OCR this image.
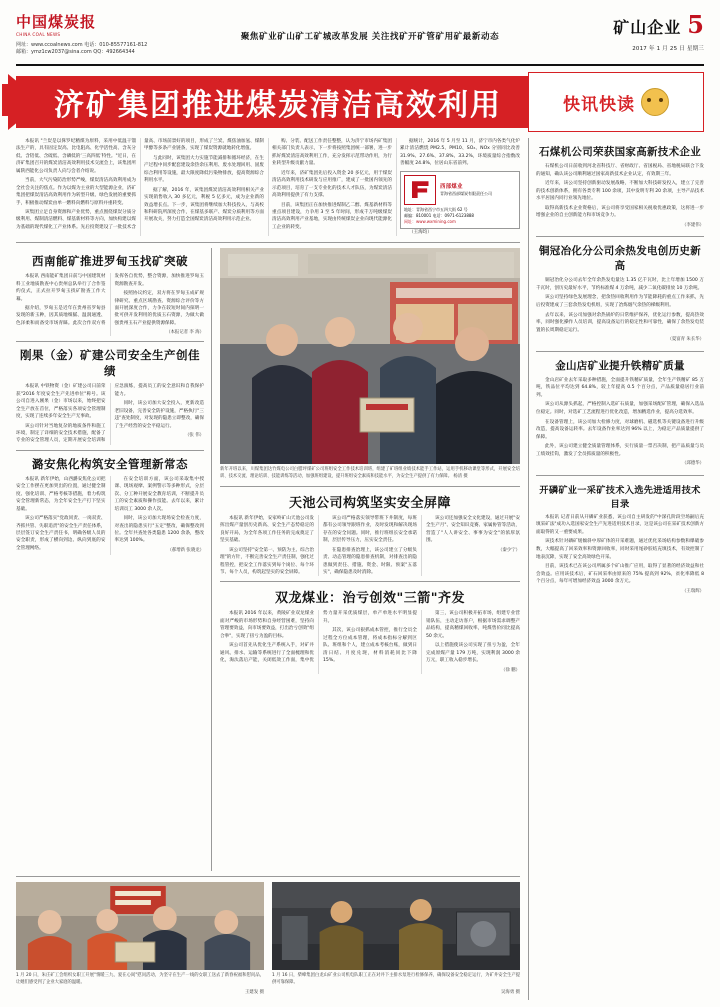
中国煤炭报
CHINA COAL NEWS
网址：www.ccoalnews.com 电话：010-85577161-812
邮箱：ymz1cw2037@sina.com QQ：492664344
聚焦矿业矿山矿工矿城改革发展 关注找矿开矿管矿用矿最新动态	矿山企业 5
2017 年 1 月 25 日 星期三
济矿集团推进煤炭清洁高效利用	快讯快读

本报讯 "兰炭是以侏罗纪精煤为原料，采用中低温干馏法生产的，具有固定炭高、比电阻高、化学活性高、含灰分低、含铝低、含硫低、含磷低的‘三高四低’特性。"近日，在济矿集团召开的煤炭清洁高效利用技术交流会上，该集团所属陕西能化公司负责人向与会者介绍说。

当前，大气污染防治形势严峻，煤炭清洁高效利用成为全社会关注的焦点。作为以煤为主业的大型能源企业，济矿集团把煤炭清洁高效利用作为转型升级、绿色发展的重要抓手，积极推动煤炭由单一燃料向燃料与原料并重转变。

该集团立足自身资源和产业优势，重点围绕煤炭分质分级利用、煤制清洁燃料、煤基新材料等方向，加快构建以煤为基础的现代煤化工产业体系。先后投资建设了一批技术含量高、市场前景好的项目，形成了兰炭、煤焦油加氢、煤制甲醇等多条产业链条，实现了煤炭资源就地转化增值。

与此同时，该集团大力实施节能减排和循环经济，在生产过程中同步配套建设余热余压利用、废水处理回用、固废综合利用等设施，最大限度降低污染物排放，提高资源综合利用水平。

据了解，2016 年，该集团煤炭清洁高效利用相关产业实现销售收入 30 多亿元，利税 5 亿多元，成为企业新的效益增长点。下一步，该集团将继续加大科技投入，与高校和科研院所深度合作，在煤基多联产、煤炭分质利用等方面开展攻关，努力打造全国煤炭清洁高效利用示范企业。

购、分装、配送工作责任整整，认为济宁市场内矿集团相关部门负责人表示，下一步将按照集团统一部署，进一步抓好煤炭清洁高效利用工作，充分发挥示范带动作用，为行业转型升级贡献力量。

近年来，济矿集团先后投入资金 20 多亿元，用于煤炭清洁高效利用技术研发与应用推广，建成了一批国内领先的示范项目，培育了一支专业化的技术人才队伍，为煤炭清洁高效利用提供了有力支撑。

目前，该集团正在加快推进煤制乙二醇、煤基新材料等重点项目建设，力争用 3 至 5 年时间，形成千万吨级煤炭清洁高效利用产业基地，实现由传统煤炭企业向现代能源化工企业的转变。

据统计，2016 年 5 月至 11 月，济宁市内各类气化炉累计清洁燃烧 PM2.5、PM10、SO₂、NOx 分别同比改善 31.9%、27.6%、37.8%、33.2%，环境质量综合指数改善幅度 24.8%，位居山东省前列。

西部煤业
青海省西部煤炭有限责任公司
地址：青海省西宁市五四大街 62 号
邮编：810001 电话：0971-6123888
网址：www.wxmining.com

（王海均）

西南能矿推进罗甸玉找矿突破

本报讯 西南能矿集团日前与中国建筑材料工业地质勘查中心贵州总队举行了合作签约仪式，正式拉开罗甸玉找矿勘查工作大幕。

据介绍，罗甸玉是近年在贵州省罗甸县发现的新玉种，因其质地细腻、温润通透、色泽柔和而备受市场青睐。此次合作双方将发挥各自优势，整合资源，加快推进罗甸玉资源勘查开发。

按照协议约定，双方将在罗甸玉成矿规律研究、重点区域勘查、资源综合评价等方面开展深度合作，力争在较短时间内探明一批可供开发利用的优质玉石资源，为做大做强贵州玉石产业提供资源保障。

（本报记者 李 海）

刚果（金）矿建公司安全生产创佳绩

本报讯 中铁物资（金）矿建公司日前荣获"2016 年度安全生产先进单位"称号。该公司自进入刚果（金）市场以来，始终把安全生产放在首位，严格落实各项安全管理制度，实现了连续多年安全生产无事故。

该公司针对当地复杂的地质条件和施工环境，制定了详细的安全技术措施，配备了专业的安全管理人员，定期开展安全培训和应急演练，提高员工的安全意识和自我保护能力。

同时，该公司加大安全投入，更新改造老旧设备，完善安全防护设施，严格执行"三违"查处制度，对发现的隐患立即整改，确保了生产经营的安全平稳运行。

（张 伟）

潞安焦化构筑安全管理新常态

本报讯 新年伊始，山西潞安焦化公司把安全工作摆在更加突出的位置，通过健全制度、强化培训、严格考核等措施，着力构筑安全管理新常态，为全年安全生产打下坚实基础。

该公司严格落实"党政同责、一岗双责、齐抓共管、失职追责"的安全生产责任体系，层层签订安全生产责任书，明确各级人员的安全职责，形成了横向到边、纵向到底的安全管理网络。

在安全培训方面，该公司采取集中授课、现场观摩、案例警示等多种形式，分层次、分工种开展安全教育培训，不断提升员工的安全素质和操作技能。去年以来，累计培训员工 3000 余人次。

同时，该公司加大现场安全检查力度，对查出的隐患实行"五定"整改，确保整改到位。全年共查处各类隐患 1200 余条，整改率达到 100%。

（郝增新 张晓龙）

新年开班以来，川煤集团达竹煤电公司白腊坪煤矿公司班组安全工作技术培训班，组建了矿班组业绩技术能手工作站，运用手机移动课堂等形式，开展安全培训、技术交流、理论培训、技能训练等活动，加强班组建设，提升班组安全素质和技能水平，为安全生产提供了有力保障。 杨清 摄
天池公司构筑坚实安全屏障

本报讯 新年伊始，安家岭矿山天池公司发挥出煤产量创历史新高、安全生产态势稳定的良好开局，为全年各项工作任务的完成奠定了坚实基础。

该公司坚持"安全第一、预防为主、综合治理"的方针，不断完善安全生产责任制，强化过程管控，把安全工作落实到每个岗位、每个环节、每个人员，构筑起坚实的安全屏障。

该公司严格落实领导带班下井制度，每班都有公司领导跟班作业，及时发现和解决现场存在的安全问题。同时，推行班组长安全承诺制，层层传导压力，压实安全责任。

在隐患排查治理上，该公司建立了分级负责、动态管理的隐患排查机制，对排查出的隐患做到责任、措施、资金、时限、预案"五落实"，确保隐患及时消除。

该公司还加强安全文化建设，通过开展"安全生产月"、安全知识竞赛、家属协管等活动，营造了"人人讲安全、事事为安全"的浓厚氛围。

（秦少宁）

双龙煤业：治亏创效"三箭"齐发

本报讯 2016 年以来，黄陵矿业双龙煤业面对严峻的市场形势和自身经营困难，坚持向管理要效益，向市场要效益，打出治亏创效"组合拳"，实现了扭亏为盈的目标。

该公司首先从优化生产系统入手，对矿井通风、排水、运输等系统进行了全面梳理和优化，淘汰落后产能，关闭低效工作面，集中优势力量开采优质煤层，单产单进水平明显提升。

其次，该公司狠抓成本管控，推行全员全过程全方位成本管理，将成本指标分解到区队、班组和个人，建立成本考核台账，做到日清日结、月度兑现，材料消耗同比下降 15%。

第三，该公司积极开拓市场，组建专业营销队伍，主动走访客户，根据市场需求调整产品结构，提高精煤回收率，吨煤售价同比提高 50 余元。

以上措施使该公司实现了扭亏为盈，全年完成原煤产量 179 万吨，实现利润 3000 余万元，职工收入稳步增长。

（徐 鹏）

1 月 20 日，朱庄矿工会组织女职工开展"情暖三九、爱在心间"慰问活动，为坚守在生产一线的女职工送去了新春祝福和慰问品，让她们感受到了企业大家庭的温暖。
王建发 摄
1 月 16 日，柴峰集团白龙山矿业公司机电队职工正在对井下主排水泵进行检修保养，确保设备安全稳定运行，为矿井安全生产提供可靠保障。
吴海勇 摄
石煤机公司荣获国家高新技术企业

石煤机公司日前收到河北省科技厅、省财政厅、省国税局、省地税局联合下发的通知，确认该公司顺利通过国家高新技术企业认定，有效期三年。

近年来，该公司坚持创新驱动发展战略，不断加大科技研发投入，建立了完善的技术创新体系，拥有各类专利 100 余项，其中发明专利 20 余项，主导产品技术水平居国内同行业领先地位。

取得高新技术企业资格后，该公司将享受国家相关税收优惠政策，这将进一步增强企业的自主创新能力和市场竞争力。

（李建伟）

铜冠冶化分公司余热发电创历史新高

铜冠冶化分公司去年全年余热发电量达 1.35 亿千瓦时，比上年增加 1500 万千瓦时，创历史最好水平，节约标准煤 4 万余吨，减少二氧化碳排放 10 万余吨。

该公司坚持绿色发展理念，把余热回收利用作为节能降耗的重点工作来抓，先后投资建成了三套余热发电机组，实现了冶炼烟气余热的梯级利用。

去年以来，该公司加强对余热锅炉的日常维护保养，优化运行参数，提高热效率，同时强化操作人员培训，提高设备运行的稳定性和可靠性，确保了余热发电装置的长周期稳定运行。

（夏富青 朱长华）

金山店矿业提升铁精矿质量

金山店矿业去年采取多种措施，全面提升铁精矿质量，全年生产铁精矿 85 万吨，铁品位平均达到 64.8%，较上年提高 0.5 个百分点，产品质量稳居行业前列。

该公司从源头抓起，严格控制入选矿石质量，加强采场配矿管理，确保入选品位稳定。同时，对选矿工艺流程进行优化改造，增加精选作业，提高分选效率。

在设备管理上，该公司加大检修力度，对球磨机、磁选机等关键设备进行升级改造，提高设备运转率。去年设备作业率达到 96% 以上，为稳定产品质量提供了保障。

此外，该公司建立健全质量管理体系，实行质量一票否决制，把产品质量与员工绩效挂钩，激发了全员抓质量的积极性。

（邱德华）

开磷矿业一采矿技术入选先进适用技术目录

本报讯 记者日前从开磷矿业获悉，该公司自主研发的"中深孔阶段空场嗣后充填采矿法"成功入选国家安全生产先进适用技术目录，这是该公司在采矿技术创新方面取得的又一重要成果。

该技术针对磷矿缓倾斜中厚矿体的开采难题，通过优化采场结构参数和爆破参数，大幅提高了回采效率和资源回收率，同时采用尾砂胶结充填技术，有效控制了地表沉降，实现了安全高效绿色开采。

目前，该技术已在该公司所属多个矿山推广应用，取得了显著的经济效益和社会效益。应用该技术后，矿石回采率由原来的 75% 提高到 92%，贫化率降低 8 个百分点，每年可增加经济效益 3000 余万元。

（王瑞辉）
